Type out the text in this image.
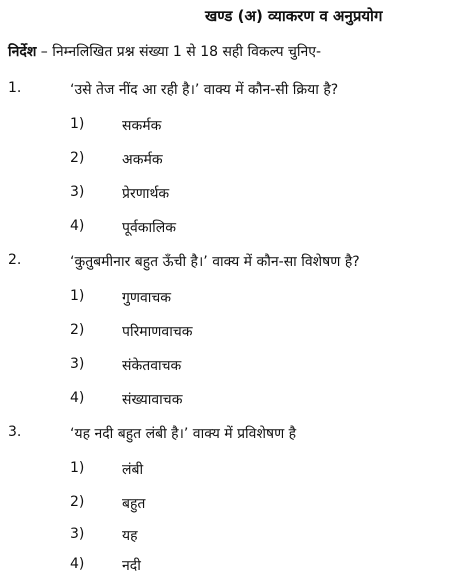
खण्ड (अ) व्याकरण व अनुप्रयोग
निर्देश – निम्नलिखित प्रश्न संख्या 1 से 18 सही विकल्प चुनिए-
1.	‘उसे तेज नींद आ रही है।’ वाक्य में कौन-सी क्रिया है?
1)	सकर्मक
2)	अकर्मक
3)	प्रेरणार्थक
4)	पूर्वकालिक
2.	‘कुतुबमीनार बहुत ऊँची है।’ वाक्य में कौन-सा विशेषण है?
1)	गुणवाचक
2)	परिमाणवाचक
3)	संकेतवाचक
4)	संख्यावाचक
3.	‘यह नदी बहुत लंबी है।’ वाक्य में प्रविशेषण है
1)	लंबी
2)	बहुत
3)	यह
4)	नदी
